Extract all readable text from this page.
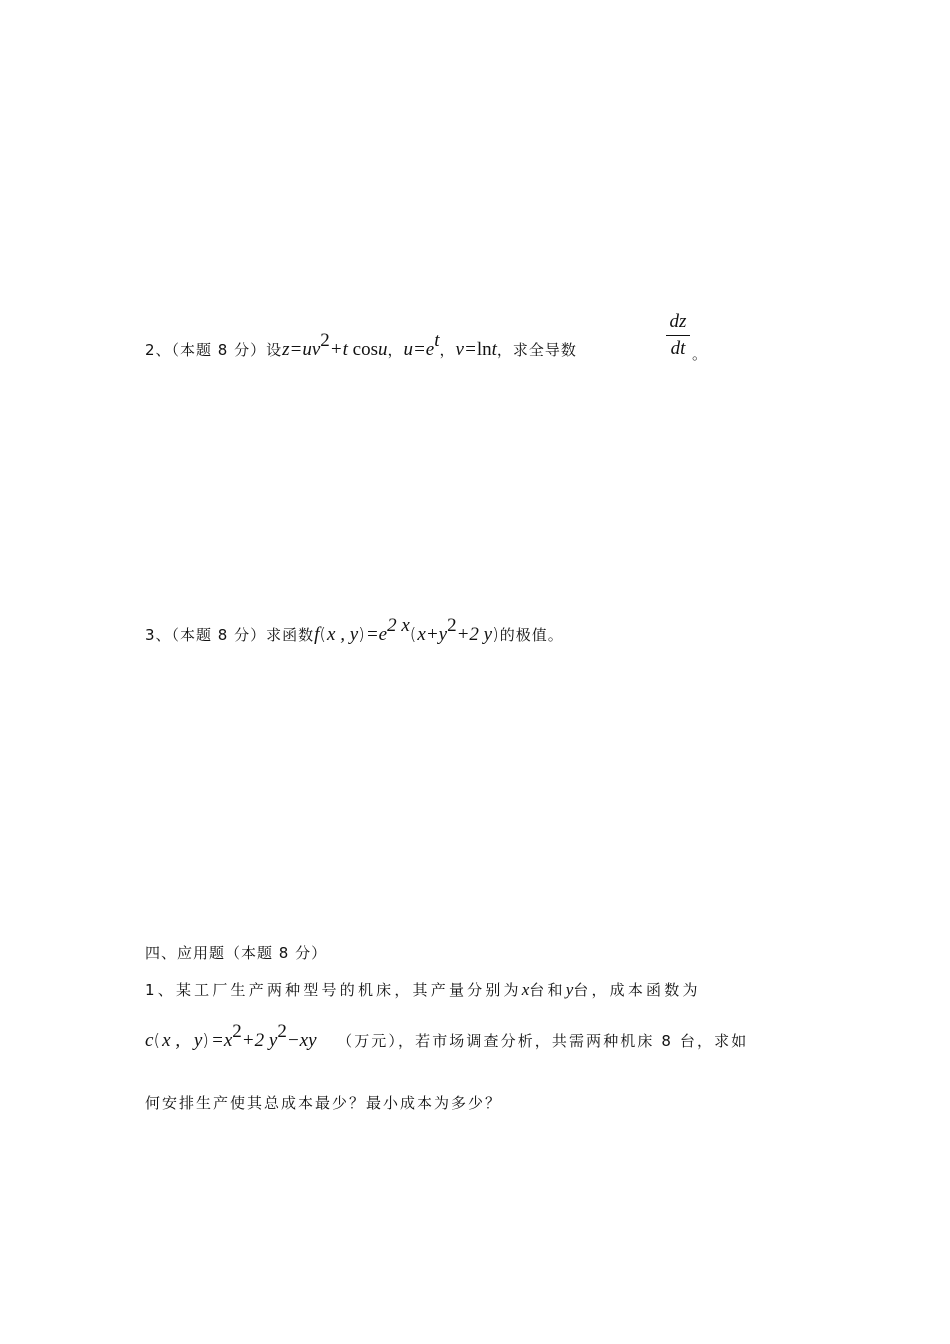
2、（本题 8 分）设$z=uv^2+t$ cosu，$u=e^t$，v=lnt，求全导数	$\frac{dz}{dt}$ 。
3、（本题 8 分）求函数f(x , $y)=e^{2 x}(x+y^2+2$ y)的极值。
四、应用题（本题 8 分）
1、某工厂生产两种型号的机床，其产量分别为x台和y台，成本函数为
c(x , $y)=x^2+2$ $y^2-xy$ （万元），若市场调查分析，共需两种机床 8 台，求如
何安排生产使其总成本最少？最小成本为多少？
